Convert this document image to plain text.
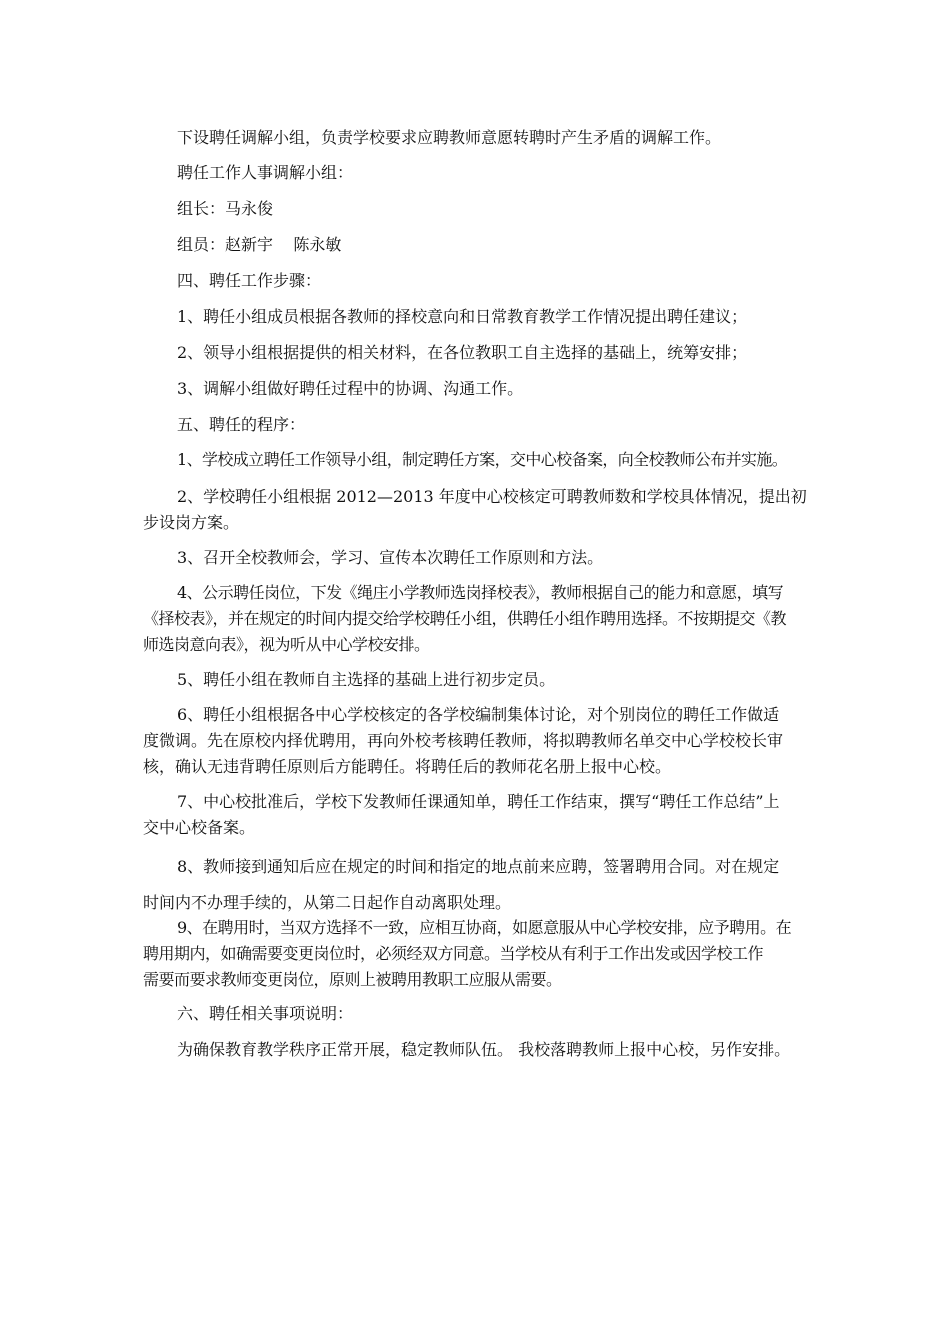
下设聘任调解小组，负责学校要求应聘教师意愿转聘时产生矛盾的调解工作。

聘任工作人事调解小组：

组长：马永俊

组员：赵新宇    陈永敏

四、聘任工作步骤：

1、聘任小组成员根据各教师的择校意向和日常教育教学工作情况提出聘任建议；

2、领导小组根据提供的相关材料，在各位教职工自主选择的基础上，统筹安排；

3、调解小组做好聘任过程中的协调、沟通工作。

五、聘任的程序：

1、学校成立聘任工作领导小组，制定聘任方案，交中心校备案，向全校教师公布并实施。

2、学校聘任小组根据 2012—2013 年度中心校核定可聘教师数和学校具体情况，提出初
步设岗方案。

3、召开全校教师会，学习、宣传本次聘任工作原则和方法。

4、公示聘任岗位，下发《绳庄小学教师选岗择校表》，教师根据自己的能力和意愿，填写
《择校表》，并在规定的时间内提交给学校聘任小组，供聘任小组作聘用选择。不按期提交《教
师选岗意向表》，视为听从中心学校安排。

5、聘任小组在教师自主选择的基础上进行初步定员。

6、聘任小组根据各中心学校核定的各学校编制集体讨论，对个别岗位的聘任工作做适
度微调。先在原校内择优聘用，再向外校考核聘任教师，将拟聘教师名单交中心学校校长审
核，确认无违背聘任原则后方能聘任。将聘任后的教师花名册上报中心校。

7、中心校批准后，学校下发教师任课通知单，聘任工作结束，撰写“聘任工作总结”上
交中心校备案。

8、教师接到通知后应在规定的时间和指定的地点前来应聘，签署聘用合同。对在规定
时间内不办理手续的，从第二日起作自动离职处理。

9、在聘用时，当双方选择不一致，应相互协商，如愿意服从中心学校安排，应予聘用。在
聘用期内，如确需要变更岗位时，必须经双方同意。当学校从有利于工作出发或因学校工作
需要而要求教师变更岗位，原则上被聘用教职工应服从需要。

六、聘任相关事项说明：

为确保教育教学秩序正常开展，稳定教师队伍。 我校落聘教师上报中心校，另作安排。
